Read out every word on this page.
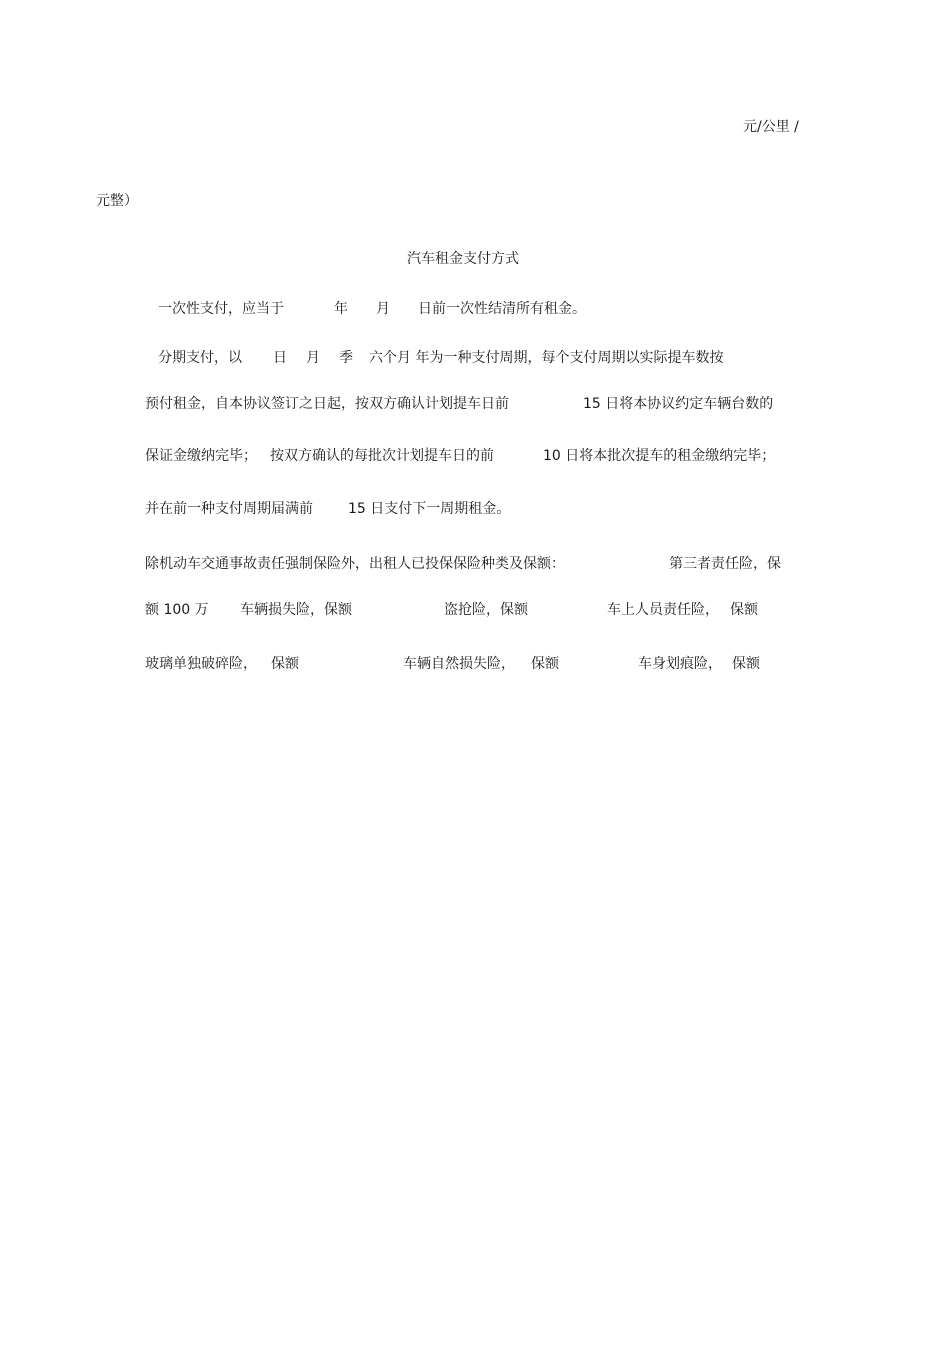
元/公里 /
元整）
汽车租金支付方式
一次性支付，应当于	年 月 日前一次性结清所有租金。
分期支付，以 日 月 季 六个月 年为一种支付周期，每个支付周期以实际提车数按
预付租金，自本协议签订之日起，按双方确认计划提车日前	15 日将本协议约定车辆台数的
保证金缴纳完毕； 按双方确认的每批次计划提车日的前	10 日将本批次提车的租金缴纳完毕；
并在前一种支付周期届满前	15 日支付下一周期租金。
除机动车交通事故责任强制保险外，出租人已投保保险种类及保额：	第三者责任险，保
额 100 万 车辆损失险，保额	盗抢险，保额	车上人员责任险， 保额
玻璃单独破碎险， 保额	车辆自然损失险， 保额	车身划痕险， 保额
